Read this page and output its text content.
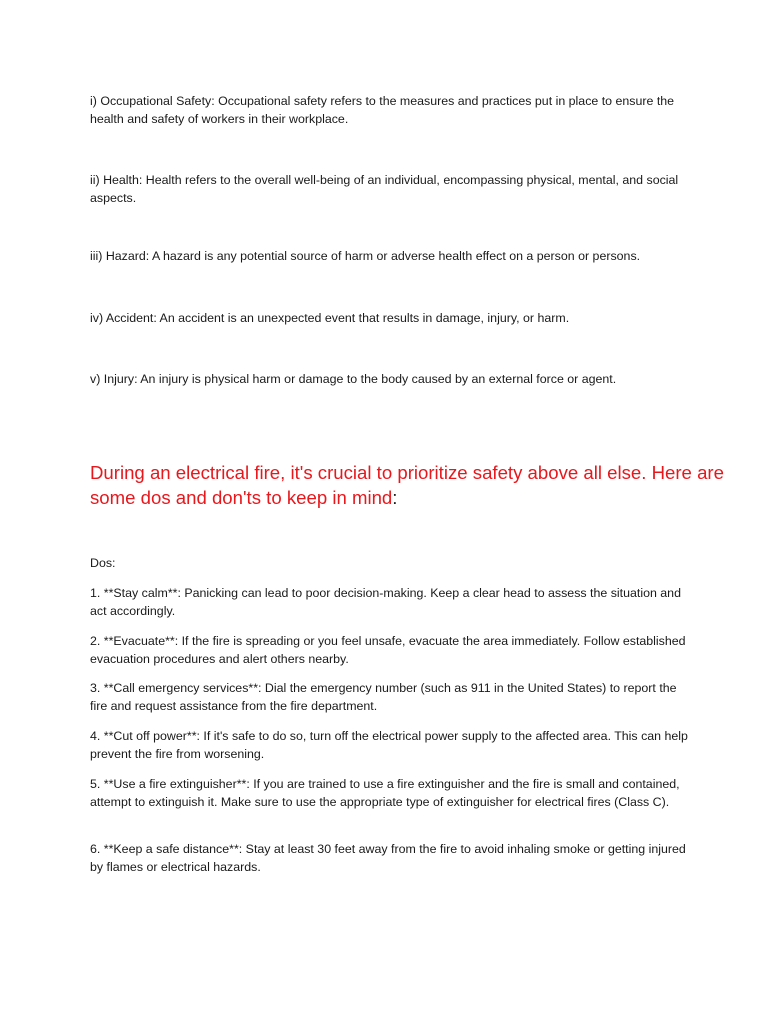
i) Occupational Safety: Occupational safety refers to the measures and practices put in place to ensure the health and safety of workers in their workplace.

ii) Health: Health refers to the overall well-being of an individual, encompassing physical, mental, and social aspects.

iii) Hazard: A hazard is any potential source of harm or adverse health effect on a person or persons.

iv) Accident: An accident is an unexpected event that results in damage, injury, or harm.

v) Injury: An injury is physical harm or damage to the body caused by an external force or agent.

During an electrical fire, it's crucial to prioritize safety above all else. Here are some dos and don'ts to keep in mind:

Dos:

1. **Stay calm**: Panicking can lead to poor decision-making. Keep a clear head to assess the situation and act accordingly.

2. **Evacuate**: If the fire is spreading or you feel unsafe, evacuate the area immediately. Follow established evacuation procedures and alert others nearby.

3. **Call emergency services**: Dial the emergency number (such as 911 in the United States) to report the fire and request assistance from the fire department.

4. **Cut off power**: If it's safe to do so, turn off the electrical power supply to the affected area. This can help prevent the fire from worsening.

5. **Use a fire extinguisher**: If you are trained to use a fire extinguisher and the fire is small and contained, attempt to extinguish it. Make sure to use the appropriate type of extinguisher for electrical fires (Class C).

6. **Keep a safe distance**: Stay at least 30 feet away from the fire to avoid inhaling smoke or getting injured by flames or electrical hazards.
